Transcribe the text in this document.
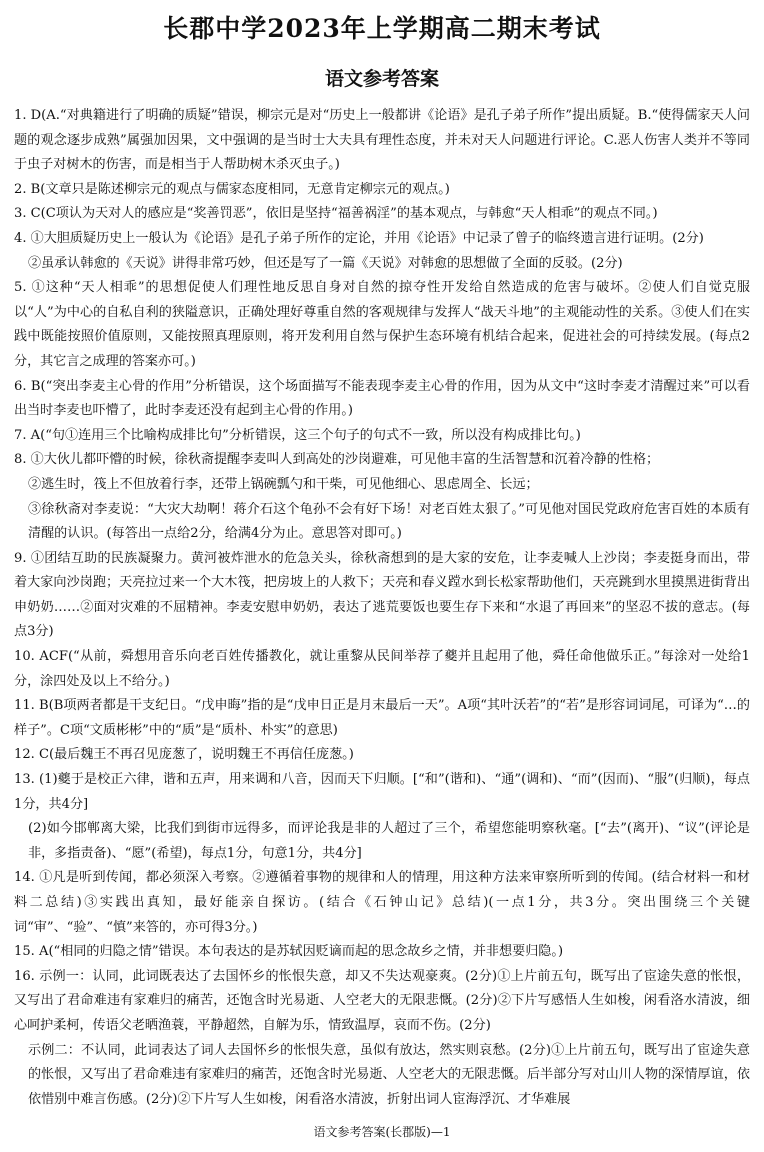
长郡中学2023年上学期高二期末考试
语文参考答案
1. D(A.“对典籍进行了明确的质疑”错误，柳宗元是对“历史上一般都讲《论语》是孔子弟子所作”提出质疑。B.“使得儒家天人问题的观念逐步成熟”属强加因果，文中强调的是当时士大夫具有理性态度，并未对天人问题进行评论。C.恶人伤害人类并不等同于虫子对树木的伤害，而是相当于人帮助树木杀灭虫子。)
2. B(文章只是陈述柳宗元的观点与儒家态度相同，无意肯定柳宗元的观点。)
3. C(C项认为天对人的感应是“奖善罚恶”，依旧是坚持“福善祸淫”的基本观点，与韩愈“天人相乖”的观点不同。)
4. ①大胆质疑历史上一般认为《论语》是孔子弟子所作的定论，并用《论语》中记录了曾子的临终遗言进行证明。(2分)
②虽承认韩愈的《天说》讲得非常巧妙，但还是写了一篇《天说》对韩愈的思想做了全面的反驳。(2分)
5. ①这种“天人相乖”的思想促使人们理性地反思自身对自然的掠夺性开发给自然造成的危害与破坏。②使人们自觉克服以“人”为中心的自私自利的狭隘意识，正确处理好尊重自然的客观规律与发挥人“战天斗地”的主观能动性的关系。③使人们在实践中既能按照价值原则，又能按照真理原则，将开发利用自然与保护生态环境有机结合起来，促进社会的可持续发展。(每点2分，其它言之成理的答案亦可。)
6. B(“突出李麦主心骨的作用”分析错误，这个场面描写不能表现李麦主心骨的作用，因为从文中“这时李麦才清醒过来”可以看出当时李麦也吓懵了，此时李麦还没有起到主心骨的作用。)
7. A(“句①连用三个比喻构成排比句”分析错误，这三个句子的句式不一致，所以没有构成排比句。)
8. ①大伙儿都吓懵的时候，徐秋斋提醒李麦叫人到高处的沙岗避难，可见他丰富的生活智慧和沉着冷静的性格；
②逃生时，筏上不但放着行李，还带上锅碗瓢勺和干柴，可见他细心、思虑周全、长远；
③徐秋斋对李麦说：“大灾大劫啊！蒋介石这个龟孙不会有好下场！对老百姓太狠了。”可见他对国民党政府危害百姓的本质有清醒的认识。(每答出一点给2分，给满4分为止。意思答对即可。)
9. ①团结互助的民族凝聚力。黄河被炸泄水的危急关头，徐秋斋想到的是大家的安危，让李麦喊人上沙岗；李麦挺身而出，带着大家向沙岗跑；天亮拉过来一个大木筏，把房坡上的人救下；天亮和春义蹚水到长松家帮助他们，天亮跳到水里摸黑进街背出申奶奶……②面对灾难的不屈精神。李麦安慰申奶奶，表达了逃荒要饭也要生存下来和“水退了再回来”的坚忍不拔的意志。(每点3分)
10. ACF(“从前，舜想用音乐向老百姓传播教化，就让重黎从民间举荐了夔并且起用了他，舜任命他做乐正。”每涂对一处给1分，涂四处及以上不给分。)
11. B(B项两者都是干支纪日。“戊申晦”指的是“戊申日正是月末最后一天”。A项“其叶沃若”的“若”是形容词词尾，可译为“…的样子”。C项“文质彬彬”中的“质”是“质朴、朴实”的意思)
12. C(最后魏王不再召见庞葱了，说明魏王不再信任庞葱。)
13. (1)夔于是校正六律，谐和五声，用来调和八音，因而天下归顺。[“和”(谐和)、“通”(调和)、“而”(因而)、“服”(归顺)，每点1分，共4分]
(2)如今邯郸离大梁，比我们到街市远得多，而评论我是非的人超过了三个，希望您能明察秋毫。[“去”(离开)、“议”(评论是非，多指责备)、“愿”(希望)，每点1分，句意1分，共4分]
14. ①凡是听到传闻，都必须深入考察。②遵循着事物的规律和人的情理，用这种方法来审察所听到的传闻。(结合材料一和材料二总结)③实践出真知，最好能亲自探访。(结合《石钟山记》总结)(一点1分，共3分。突出围绕三个关键词“审”、“验”、“慎”来答的，亦可得3分。)
15. A(“相同的归隐之情”错误。本句表达的是苏轼因贬谪而起的思念故乡之情，并非想要归隐。)
16. 示例一：认同，此词既表达了去国怀乡的怅恨失意，却又不失达观豪爽。(2分)①上片前五句，既写出了宦途失意的怅恨，又写出了君命难违有家难归的痛苦，还饱含时光易逝、人空老大的无限悲慨。(2分)②下片写感悟人生如梭，闲看洛水清波，细心呵护柔柯，传语父老晒渔蓑，平静超然，自解为乐，情致温厚，哀而不伤。(2分)
示例二：不认同，此词表达了词人去国怀乡的怅恨失意，虽似有放达，然实则哀愁。(2分)①上片前五句，既写出了宦途失意的怅恨，又写出了君命难违有家难归的痛苦，还饱含时光易逝、人空老大的无限悲慨。后半部分写对山川人物的深情厚谊，依依惜别中难言伤感。(2分)②下片写人生如梭，闲看洛水清波，折射出词人宦海浮沉、才华难展
语文参考答案(长郡版)—1
